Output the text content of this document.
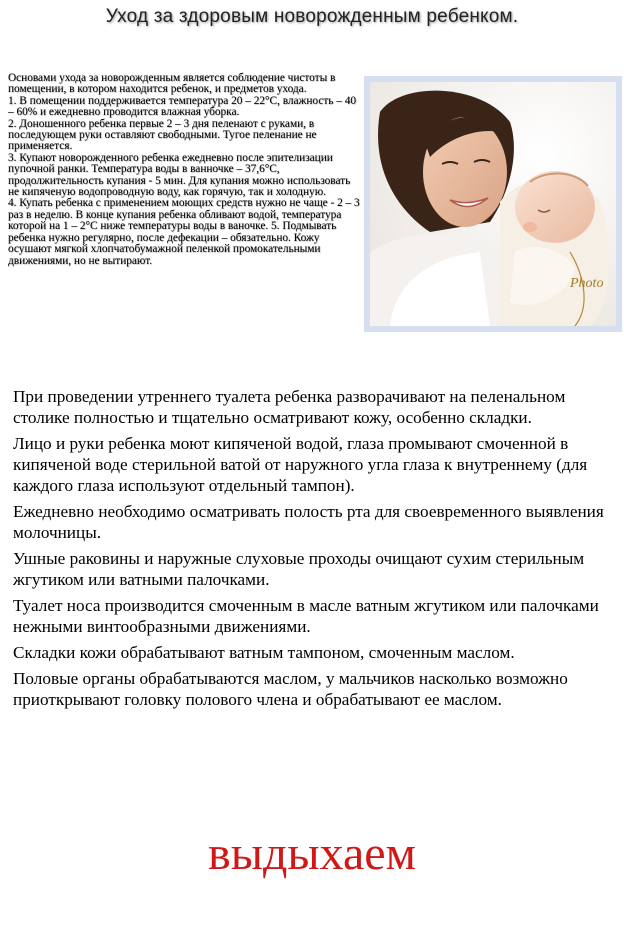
Уход за здоровым новорожденным ребенком.

Основами ухода за новорожденным является соблюдение чистоты в помещении, в котором находится ребенок, и предметов ухода.

1. В помещении поддерживается температура 20 – 22°С, влажность – 40 – 60% и ежедневно проводится влажная уборка.

2. Доношенного ребенка первые 2 – 3 дня пеленают с руками, в последующем руки оставляют свободными. Тугое пеленание не применяется.

3. Купают новорожденного ребенка ежедневно после эпителизации пупочной ранки. Температура воды в ванночке – 37,6°С, продолжительность купания - 5 мин. Для купания можно использовать не кипяченую водопроводную воду, как горячую, так и холодную.

4. Купать ребенка с применением моющих средств нужно не чаще - 2 – 3 раз в неделю. В конце купания ребенка обливают водой, температура которой на 1 – 2°С ниже температуры воды в ваночке. 5. Подмывать ребенка нужно регулярно, после дефекации – обязательно. Кожу осушают мягкой хлопчатобумажной пеленкой промокательными движениями, но не вытирают.

Photo

При проведении утреннего туалета ребенка разворачивают на пеленальном столике полностью и тщательно осматривают кожу, особенно складки.

Лицо и руки ребенка моют кипяченой водой, глаза промывают смоченной в кипяченой воде стерильной ватой от наружного угла глаза к внутреннему (для каждого глаза используют отдельный тампон).

Ежедневно необходимо осматривать полость рта для своевременного выявления молочницы.

Ушные раковины и наружные слуховые проходы очищают сухим стерильным жгутиком или ватными палочками.

Туалет носа производится смоченным в масле ватным жгутиком или палочками нежными винтообразными движениями.

Складки кожи обрабатывают ватным тампоном, смоченным маслом.

Половые органы обрабатываются маслом, у мальчиков насколько возможно приоткрывают головку полового члена и обрабатывают ее маслом.

выдыхаем
